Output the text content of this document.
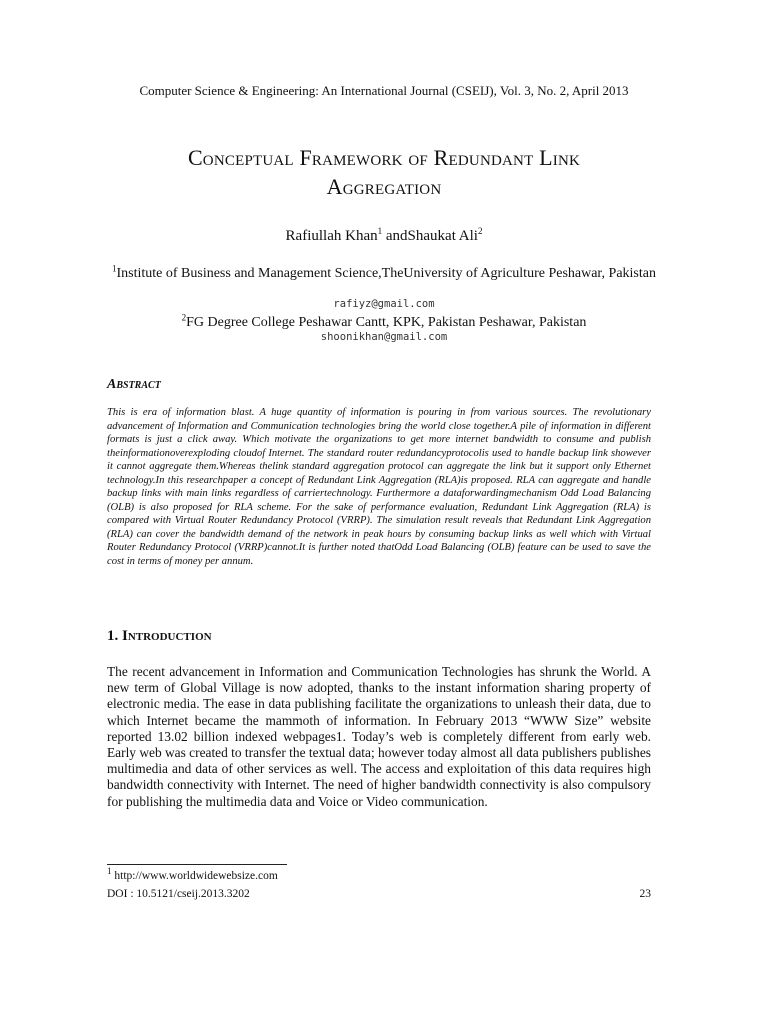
Computer Science & Engineering: An International Journal (CSEIJ), Vol. 3, No. 2, April 2013
Conceptual Framework of Redundant Link
Aggregation
Rafiullah Khan$^1$ andShaukat Ali$^2$
$^1$Institute of Business and Management Science,TheUniversity of Agriculture Peshawar, Pakistan
rafiyz@gmail.com
$^2$FG Degree College Peshawar Cantt, KPK, Pakistan Peshawar, Pakistan
shoonikhan@gmail.com
Abstract
This is era of information blast. A huge quantity of information is pouring in from various sources. The revolutionary advancement of Information and Communication technologies bring the world close together.A pile of information in different formats is just a click away. Which motivate the organizations to get more internet bandwidth to consume and publish theinformationoverexploding cloudof Internet. The standard router redundancyprotocolis used to handle backup link showever it cannot aggregate them.Whereas thelink standard aggregation protocol can aggregate the link but it support only Ethernet technology.In this researchpaper a concept of Redundant Link Aggregation (RLA)is proposed. RLA can aggregate and handle backup links with main links regardless of carriertechnology. Furthermore a dataforwardingmechanism Odd Load Balancing (OLB) is also proposed for RLA scheme. For the sake of performance evaluation, Redundant Link Aggregation (RLA) is compared with Virtual Router Redundancy Protocol (VRRP). The simulation result reveals that Redundant Link Aggregation (RLA) can cover the bandwidth demand of the network in peak hours by consuming backup links as well which with Virtual Router Redundancy Protocol (VRRP)cannot.It is further noted thatOdd Load Balancing (OLB) feature can be used to save the cost in terms of money per annum.
1. Introduction
The recent advancement in Information and Communication Technologies has shrunk the World. A new term of Global Village is now adopted, thanks to the instant information sharing property of electronic media. The ease in data publishing facilitate the organizations to unleash their data, due to which Internet became the mammoth of information. In February 2013 “WWW Size” website reported 13.02 billion indexed webpages1. Today’s web is completely different from early web. Early web was created to transfer the textual data; however today almost all data publishers publishes multimedia and data of other services as well. The access and exploitation of this data requires high bandwidth connectivity with Internet. The need of higher bandwidth connectivity is also compulsory for publishing the multimedia data and Voice or Video communication.
$^1$ http://www.worldwidewebsize.com
DOI : 10.5121/cseij.2013.3202	23
